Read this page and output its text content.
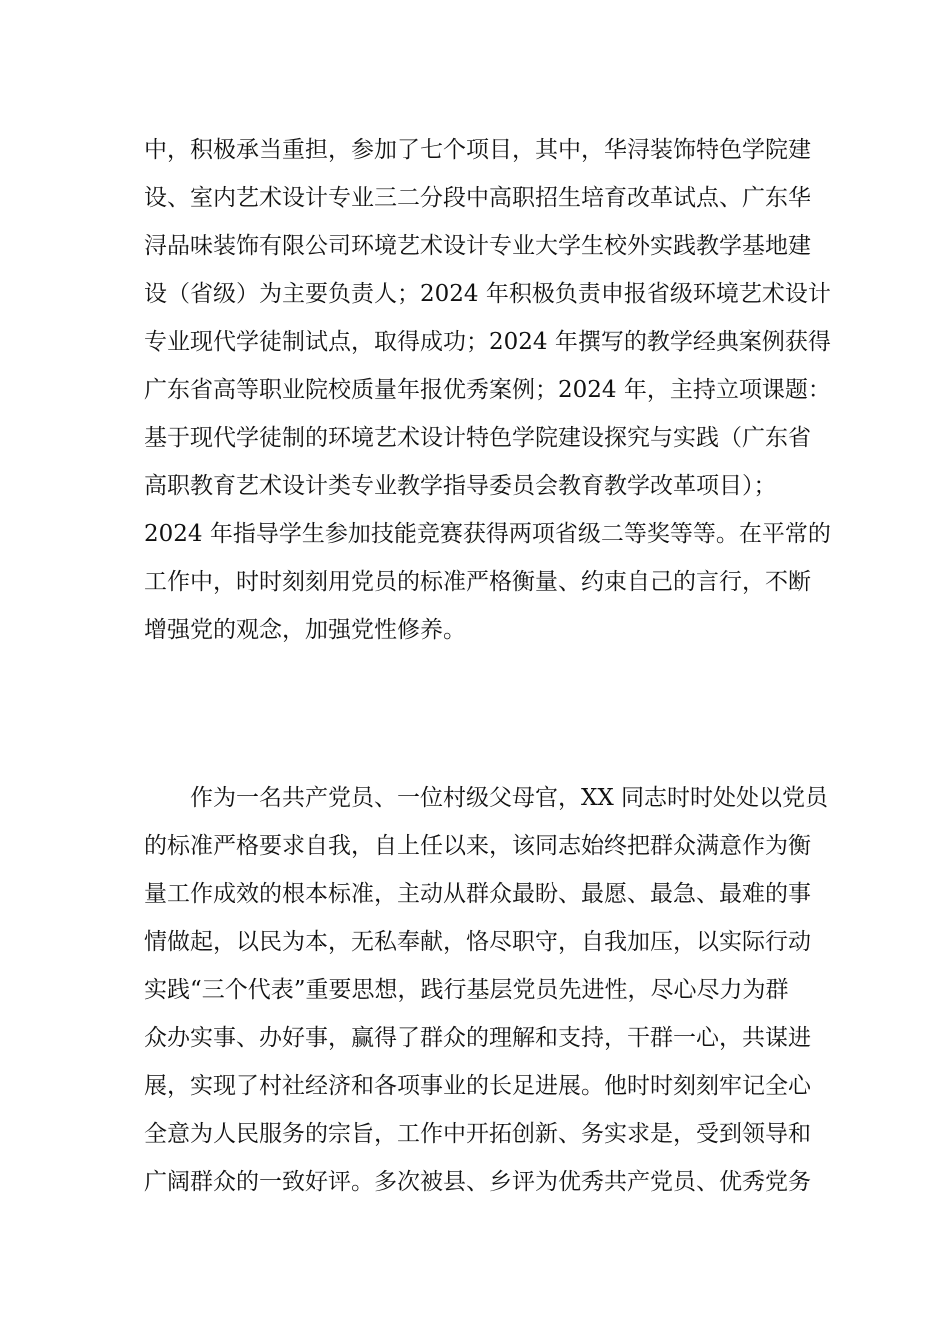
中，积极承当重担，参加了七个项目，其中，华浔装饰特色学院建
设、室内艺术设计专业三二分段中高职招生培育改革试点、广东华
浔品味装饰有限公司环境艺术设计专业大学生校外实践教学基地建
设（省级）为主要负责人；2024 年积极负责申报省级环境艺术设计
专业现代学徒制试点，取得成功；2024 年撰写的教学经典案例获得
广东省高等职业院校质量年报优秀案例；2024 年，主持立项课题：
基于现代学徒制的环境艺术设计特色学院建设探究与实践（广东省
高职教育艺术设计类专业教学指导委员会教育教学改革项目）；
2024 年指导学生参加技能竞赛获得两项省级二等奖等等。在平常的
工作中，时时刻刻用党员的标准严格衡量、约束自己的言行，不断
增强党的观念，加强党性修养。
作为一名共产党员、一位村级父母官，XX 同志时时处处以党员
的标准严格要求自我，自上任以来，该同志始终把群众满意作为衡
量工作成效的根本标准，主动从群众最盼、最愿、最急、最难的事
情做起，以民为本，无私奉献，恪尽职守，自我加压，以实际行动
实践“三个代表”重要思想，践行基层党员先进性，尽心尽力为群
众办实事、办好事，赢得了群众的理解和支持，干群一心，共谋进
展，实现了村社经济和各项事业的长足进展。他时时刻刻牢记全心
全意为人民服务的宗旨，工作中开拓创新、务实求是，受到领导和
广阔群众的一致好评。多次被县、乡评为优秀共产党员、优秀党务
